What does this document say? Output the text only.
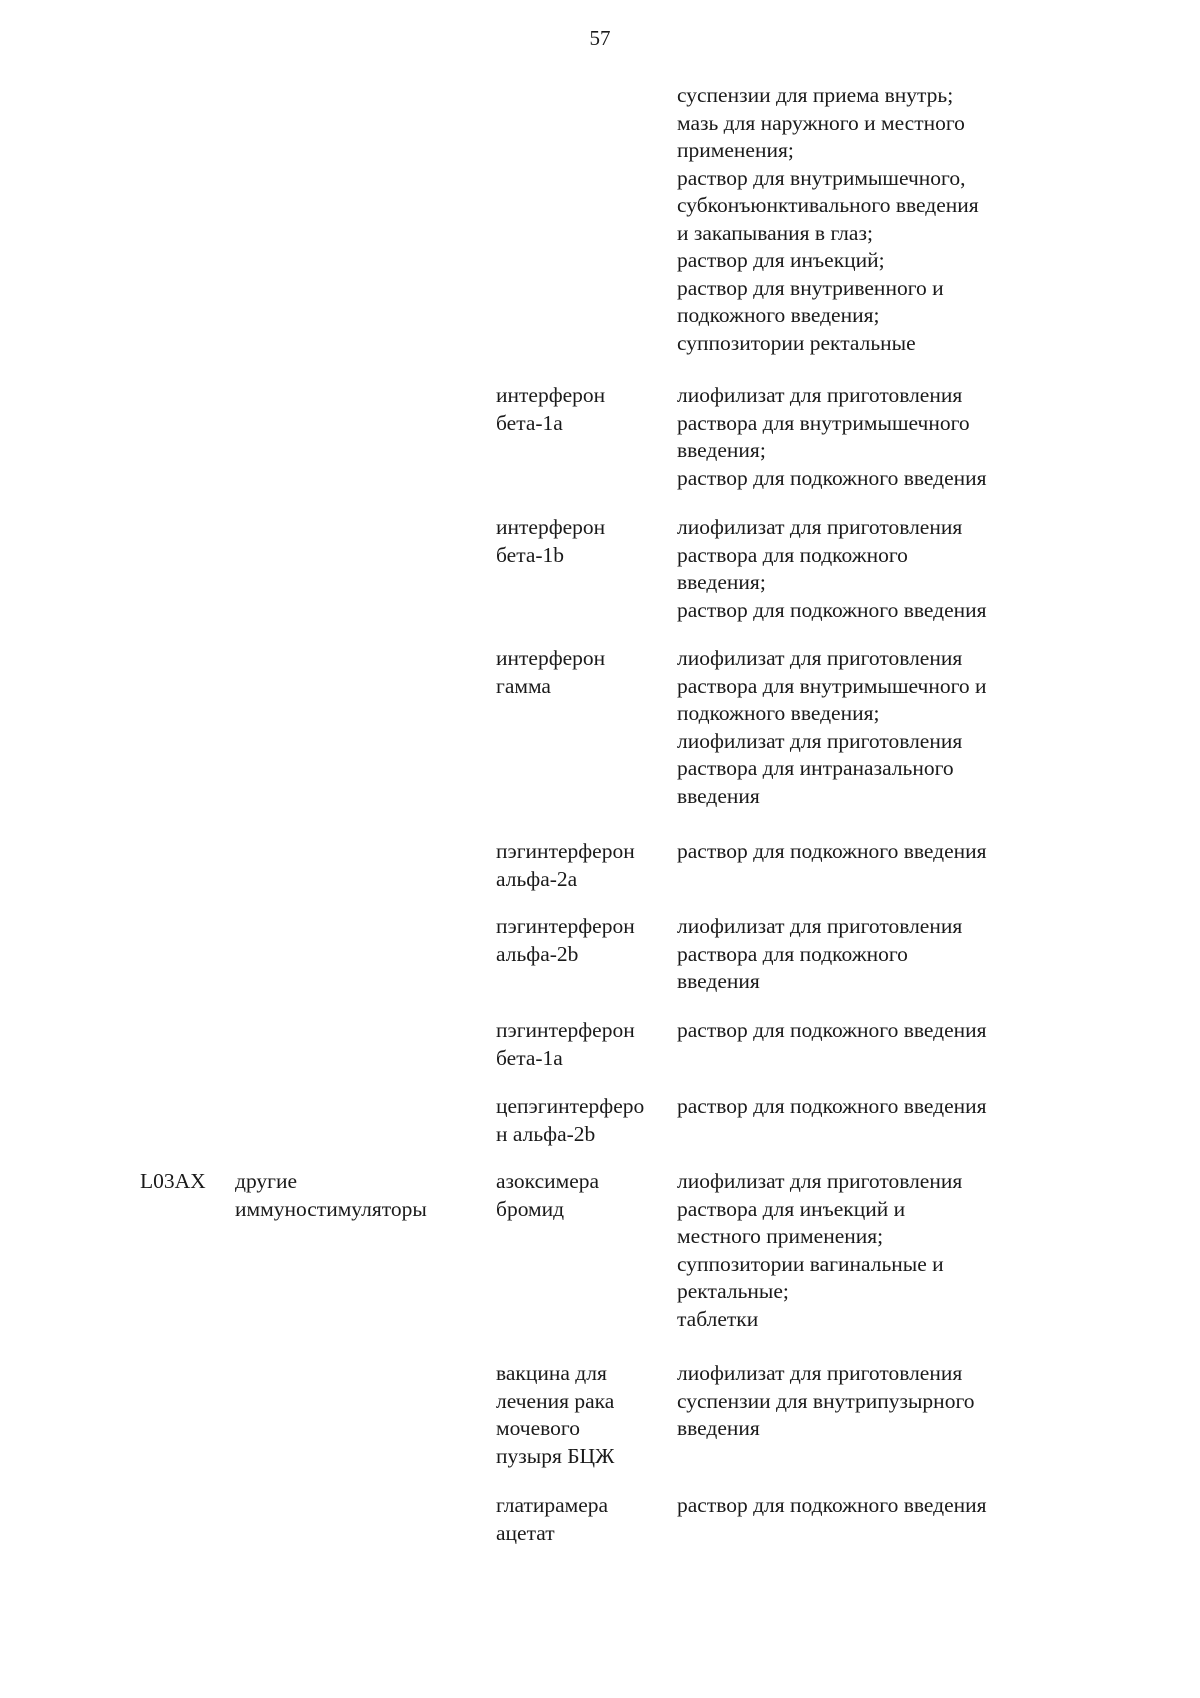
57
суспензии для приема внутрь;
мазь для наружного и местного
применения;
раствор для внутримышечного,
субконъюнктивального введения
и закапывания в глаз;
раствор для инъекций;
раствор для внутривенного и
подкожного введения;
суппозитории ректальные
интерферон
бета-1а
лиофилизат для приготовления
раствора для внутримышечного
введения;
раствор для подкожного введения
интерферон
бета-1b
лиофилизат для приготовления
раствора для подкожного
введения;
раствор для подкожного введения
интерферон
гамма
лиофилизат для приготовления
раствора для внутримышечного и
подкожного введения;
лиофилизат для приготовления
раствора для интраназального
введения
пэгинтерферон
альфа-2а
раствор для подкожного введения
пэгинтерферон
альфа-2b
лиофилизат для приготовления
раствора для подкожного
введения
пэгинтерферон
бета-1а
раствор для подкожного введения
цепэгинтерферо
н альфа-2b
раствор для подкожного введения
L03AX	другие
иммуностимуляторы
азоксимера
бромид
лиофилизат для приготовления
раствора для инъекций и
местного применения;
суппозитории вагинальные и
ректальные;
таблетки
вакцина для
лечения рака
мочевого
пузыря БЦЖ
лиофилизат для приготовления
суспензии для внутрипузырного
введения
глатирамера
ацетат
раствор для подкожного введения
